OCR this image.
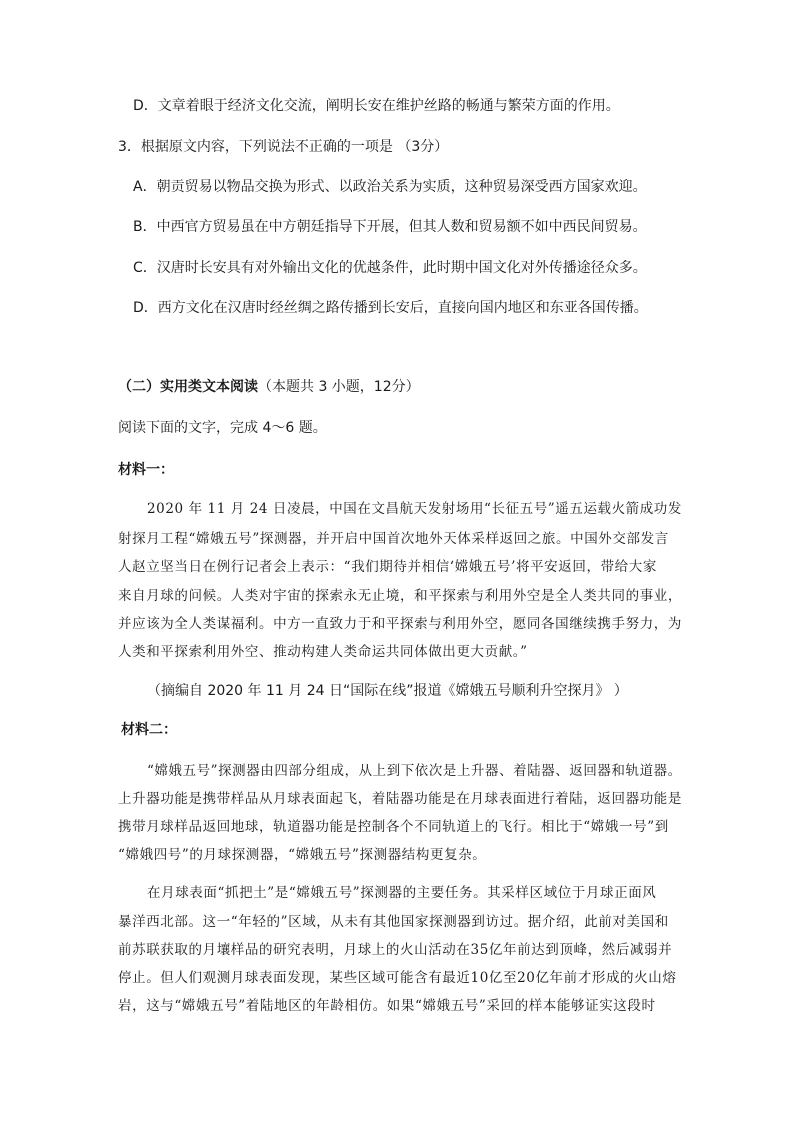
D．文章着眼于经济文化交流，阐明长安在维护丝路的畅通与繁荣方面的作用。
3．根据原文内容，下列说法不正确的一项是 （3分）
A．朝贡贸易以物品交换为形式、以政治关系为实质，这种贸易深受西方国家欢迎。
B．中西官方贸易虽在中方朝廷指导下开展，但其人数和贸易额不如中西民间贸易。
C．汉唐时长安具有对外输出文化的优越条件，此时期中国文化对外传播途径众多。
D．西方文化在汉唐时经丝绸之路传播到长安后，直接向国内地区和东亚各国传播。
（二）实用类文本阅读（本题共 3 小题，12分）
阅读下面的文字，完成 4～6 题。
材料一：
2020 年 11 月 24 日凌晨，中国在文昌航天发射场用“长征五号”遥五运载火箭成功发
射探月工程“嫦娥五号”探测器，并开启中国首次地外天体采样返回之旅。中国外交部发言
人赵立坚当日在例行记者会上表示：“我们期待并相信‘嫦娥五号’将平安返回，带给大家
来自月球的问候。人类对宇宙的探索永无止境，和平探索与利用外空是全人类共同的事业，
并应该为全人类谋福利。中方一直致力于和平探索与利用外空，愿同各国继续携手努力，为
人类和平探索利用外空、推动构建人类命运共同体做出更大贡献。”
（摘编自 2020 年 11 月 24 日“国际在线”报道《嫦娥五号顺利升空探月》 ）
材料二：
“嫦娥五号”探测器由四部分组成，从上到下依次是上升器、着陆器、返回器和轨道器。
上升器功能是携带样品从月球表面起飞，着陆器功能是在月球表面进行着陆，返回器功能是
携带月球样品返回地球，轨道器功能是控制各个不同轨道上的飞行。相比于“嫦娥一号”到
“嫦娥四号”的月球探测器，“嫦娥五号”探测器结构更复杂。
在月球表面“抓把土”是“嫦娥五号”探测器的主要任务。其采样区域位于月球正面风
暴洋西北部。这一“年轻的”区域，从未有其他国家探测器到访过。据介绍，此前对美国和
前苏联获取的月壤样品的研究表明，月球上的火山活动在35亿年前达到顶峰，然后减弱并
停止。但人们观测月球表面发现，某些区域可能含有最近10亿至20亿年前才形成的火山熔
岩，这与“嫦娥五号”着陆地区的年龄相仿。如果“嫦娥五号”采回的样本能够证实这段时
